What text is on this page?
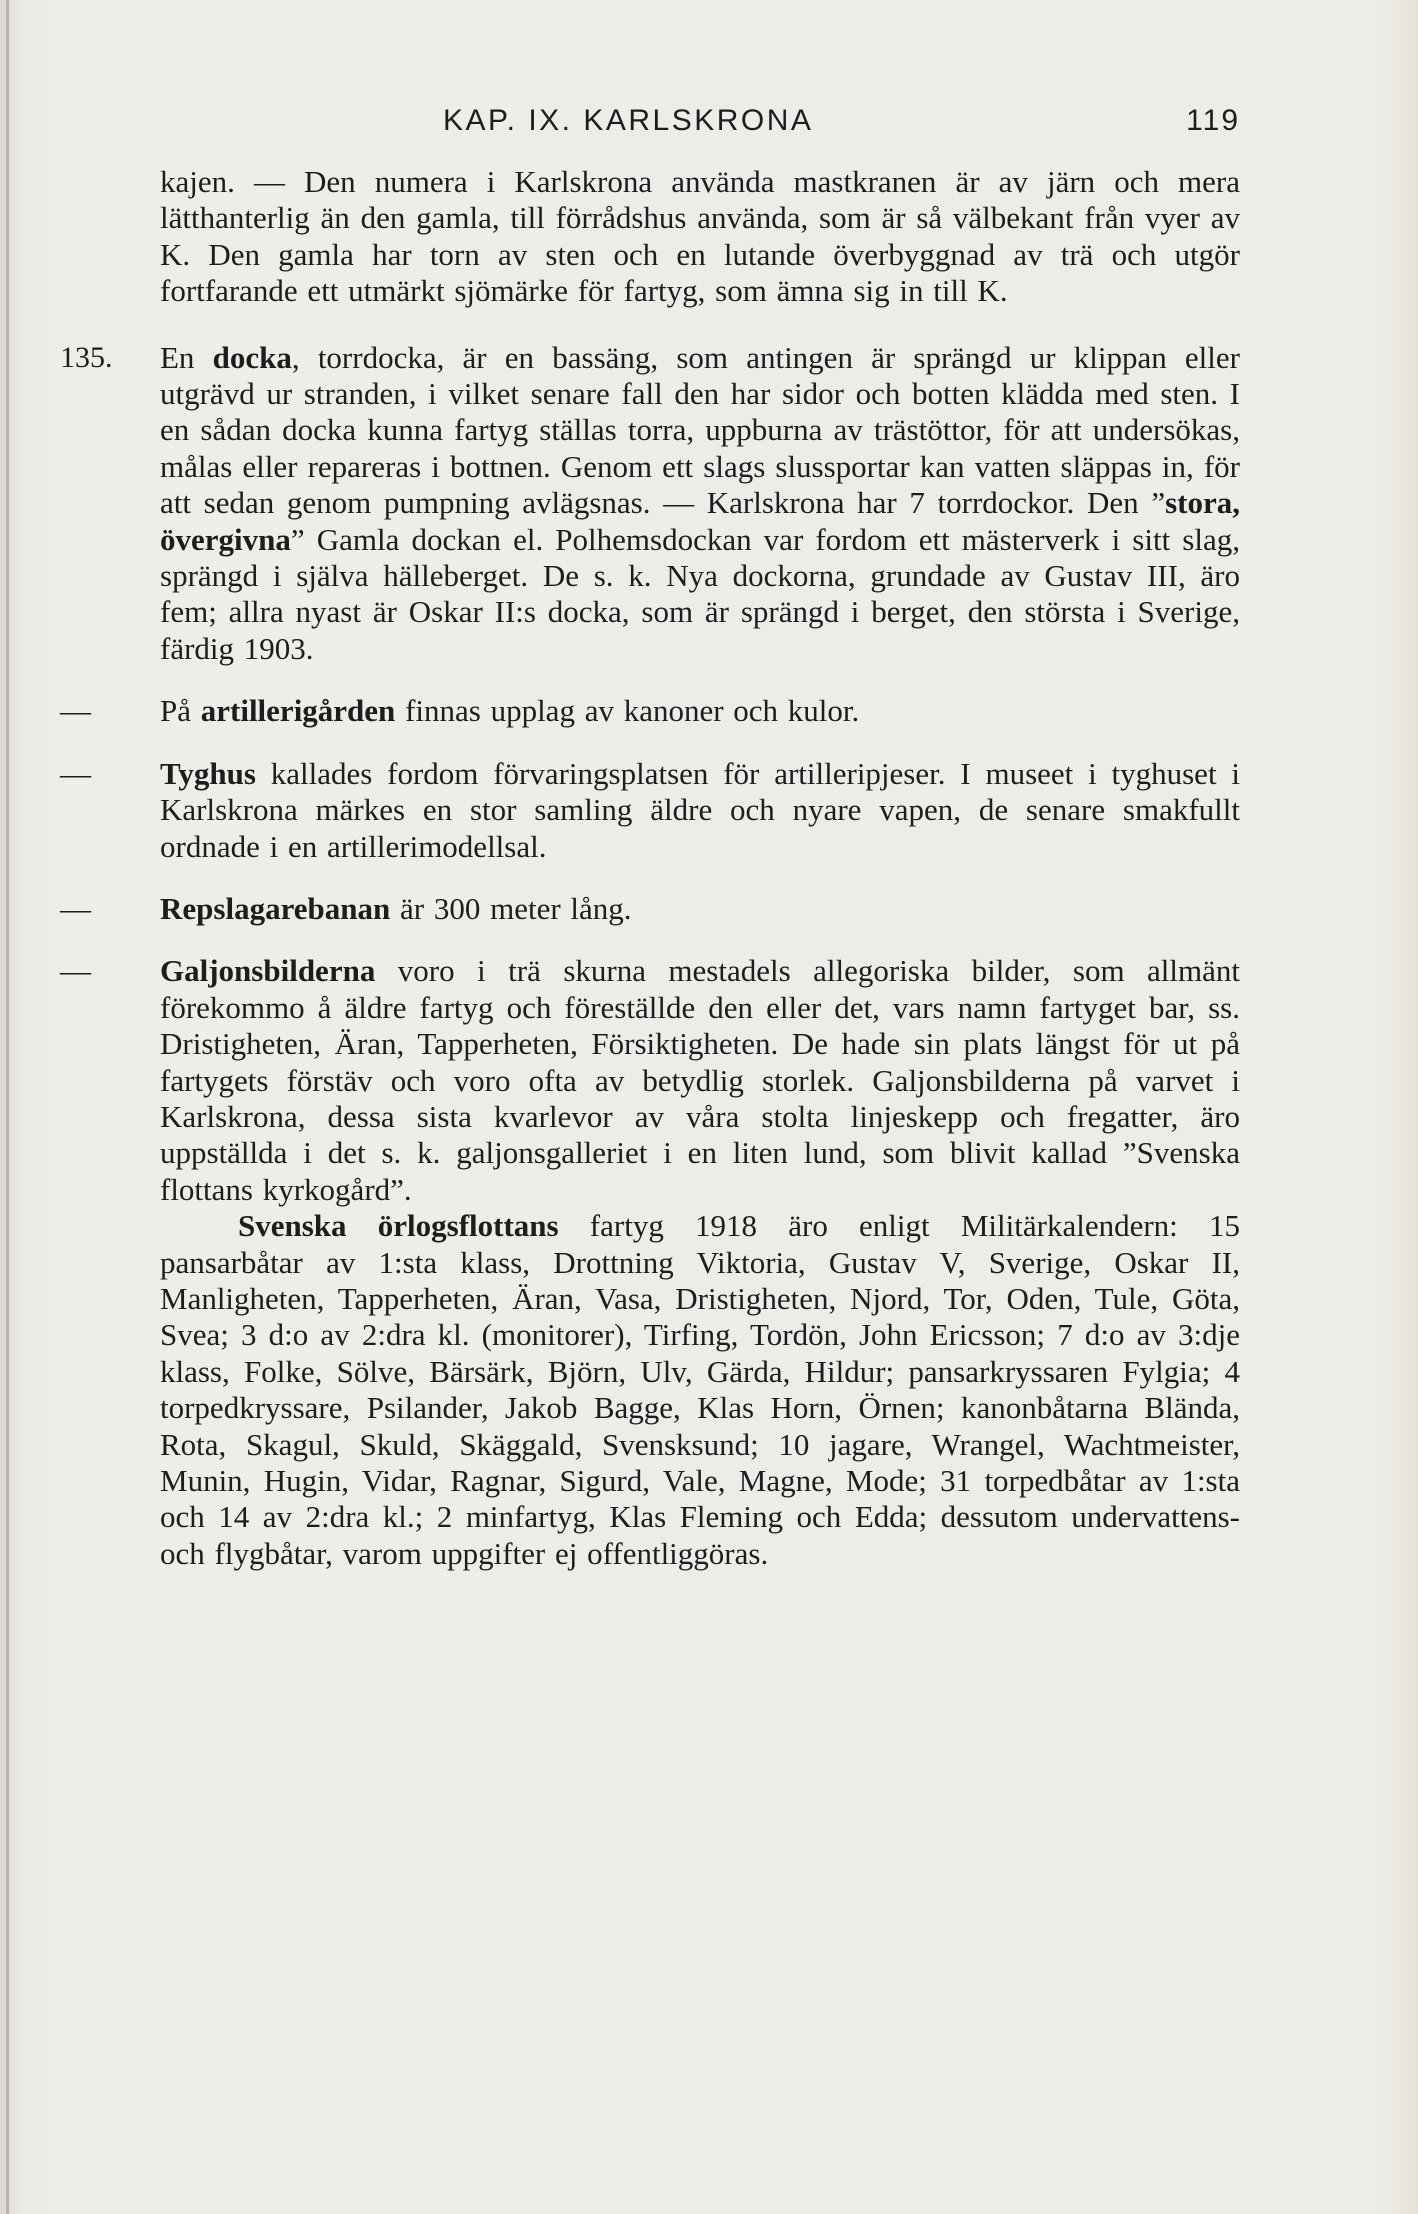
KAP. IX. KARLSKRONA	119

kajen. — Den numera i Karlskrona använda mastkranen är av järn och mera lätthanterlig än den gamla, till förrådshus använda, som är så välbekant från vyer av K. Den gamla har torn av sten och en lutande överbyggnad av trä och utgör fortfarande ett utmärkt sjömärke för fartyg, som ämna sig in till K.

135. En docka, torrdocka, är en bassäng, som antingen är sprängd ur klippan eller utgrävd ur stranden, i vilket senare fall den har sidor och botten klädda med sten. I en sådan docka kunna fartyg ställas torra, uppburna av trästöttor, för att undersökas, målas eller repareras i bottnen. Genom ett slags slussportar kan vatten släppas in, för att sedan genom pumpning avlägsnas. — Karlskrona har 7 torrdockor. Den ”stora, övergivna” Gamla dockan el. Polhemsdockan var fordom ett mästerverk i sitt slag, sprängd i själva hälleberget. De s. k. Nya dockorna, grundade av Gustav III, äro fem; allra nyast är Oskar II:s docka, som är sprängd i berget, den största i Sverige, färdig 1903.

— På artillerigården finnas upplag av kanoner och kulor.

— Tyghus kallades fordom förvaringsplatsen för artilleripjeser. I museet i tyghuset i Karlskrona märkes en stor samling äldre och nyare vapen, de senare smakfullt ordnade i en artillerimodellsal.

— Repslagarebanan är 300 meter lång.

— Galjonsbilderna voro i trä skurna mestadels allegoriska bilder, som allmänt förekommo å äldre fartyg och föreställde den eller det, vars namn fartyget bar, ss. Dristigheten, Äran, Tapperheten, Försiktigheten. De hade sin plats längst för ut på fartygets förstäv och voro ofta av betydlig storlek. Galjonsbilderna på varvet i Karlskrona, dessa sista kvarlevor av våra stolta linjeskepp och fregatter, äro uppställda i det s. k. galjonsgalleriet i en liten lund, som blivit kallad ”Svenska flottans kyrkogård”.

Svenska örlogsflottans fartyg 1918 äro enligt Militärkalendern: 15 pansarbåtar av 1:sta klass, Drottning Viktoria, Gustav V, Sverige, Oskar II, Manligheten, Tapperheten, Äran, Vasa, Dristigheten, Njord, Tor, Oden, Tule, Göta, Svea; 3 d:o av 2:dra kl. (monitorer), Tirfing, Tordön, John Ericsson; 7 d:o av 3:dje klass, Folke, Sölve, Bärsärk, Björn, Ulv, Gärda, Hildur; pansarkryssaren Fylgia; 4 torpedkryssare, Psilander, Jakob Bagge, Klas Horn, Örnen; kanonbåtarna Blända, Rota, Skagul, Skuld, Skäggald, Svensksund; 10 jagare, Wrangel, Wachtmeister, Munin, Hugin, Vidar, Ragnar, Sigurd, Vale, Magne, Mode; 31 torpedbåtar av 1:sta och 14 av 2:dra kl.; 2 minfartyg, Klas Fleming och Edda; dessutom undervattens- och flygbåtar, varom uppgifter ej offentliggöras.
